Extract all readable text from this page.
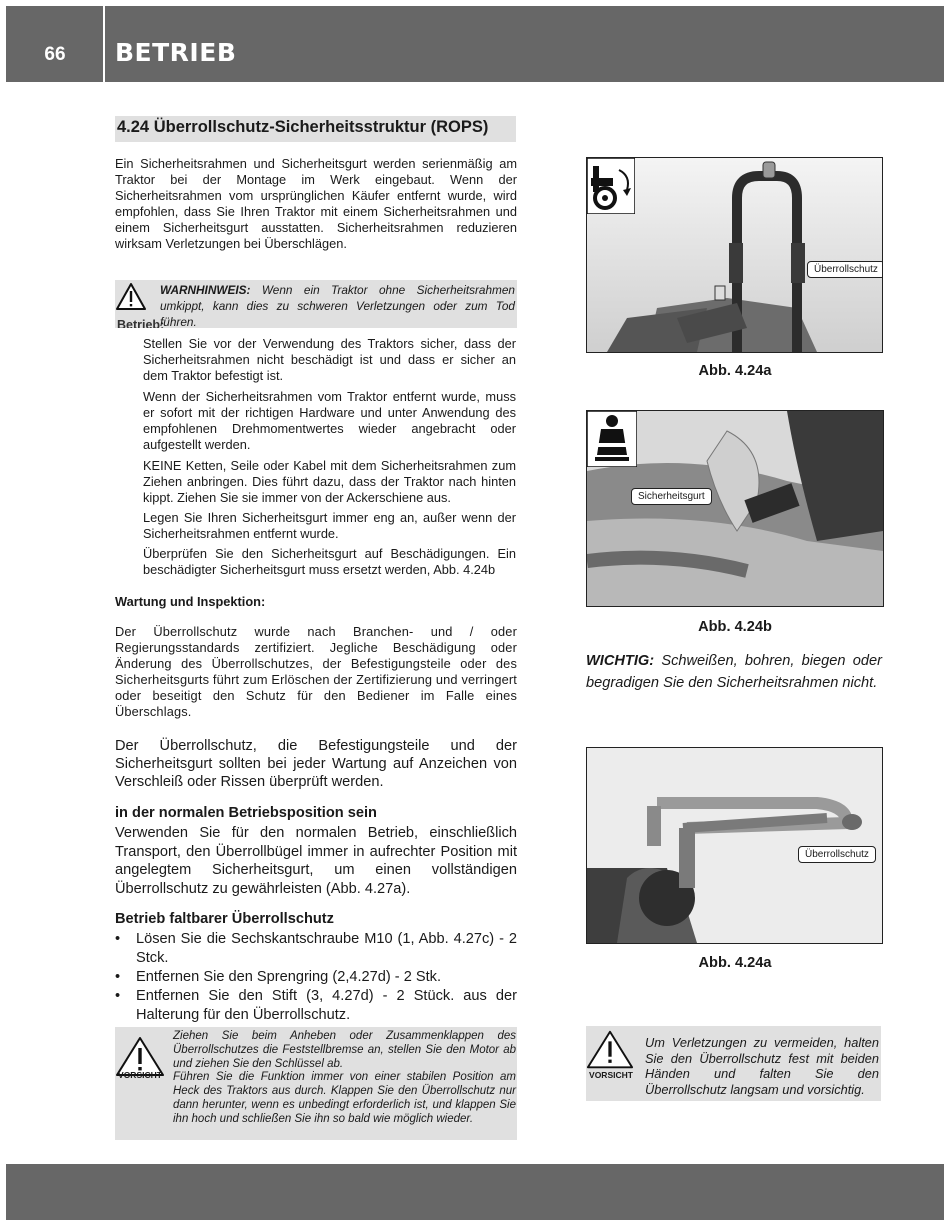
66	BETRIEB
4.24 Überrollschutz-Sicherheitsstruktur (ROPS)
Ein Sicherheitsrahmen und Sicherheitsgurt werden serienmäßig am Traktor bei der Montage im Werk eingebaut. Wenn der Sicherheitsrahmen vom ursprünglichen Käufer entfernt wurde, wird empfohlen, dass Sie Ihren Traktor mit einem Sicherheitsrahmen und einem Sicherheitsgurt ausstatten. Sicherheitsrahmen reduzieren wirksam Verletzungen bei Überschlägen.
Betrieb:
WARNHINWEIS: Wenn ein Traktor ohne Sicherheitsrahmen umkippt, kann dies zu schweren Verletzungen oder zum Tod führen.
Stellen Sie vor der Verwendung des Traktors sicher, dass der Sicherheitsrahmen nicht beschädigt ist und dass er sicher an dem Traktor befestigt ist.
Wenn der Sicherheitsrahmen vom Traktor entfernt wurde, muss er sofort mit der richtigen Hardware und unter Anwendung des empfohlenen Drehmomentwertes wieder angebracht oder aufgestellt werden.
KEINE Ketten, Seile oder Kabel mit dem Sicherheitsrahmen zum Ziehen anbringen. Dies führt dazu, dass der Traktor nach hinten kippt. Ziehen Sie sie immer von der Ackerschiene aus.
Legen Sie Ihren Sicherheitsgurt immer eng an, außer wenn der Sicherheitsrahmen entfernt wurde.
Überprüfen Sie den Sicherheitsgurt auf Beschädigungen. Ein beschädigter Sicherheitsgurt muss ersetzt werden, Abb. 4.24b
Wartung und Inspektion:
Der Überrollschutz wurde nach Branchen- und / oder Regierungsstandards zertifiziert. Jegliche Beschädigung oder Änderung des Überrollschutzes, der Befestigungsteile oder des Sicherheitsgurts führt zum Erlöschen der Zertifizierung und verringert oder beseitigt den Schutz für den Bediener im Falle eines Überschlags.
Der Überrollschutz, die Befestigungsteile und der Sicherheitsgurt sollten bei jeder Wartung auf Anzeichen von Verschleiß oder Rissen überprüft werden.
in der normalen Betriebsposition sein
Verwenden Sie für den normalen Betrieb, einschließlich Transport, den Überrollbügel immer in aufrechter Position mit angelegtem Sicherheitsgurt, um einen vollständigen Überrollschutz zu gewährleisten (Abb. 4.27a).
Betrieb faltbarer Überrollschutz
•	Lösen Sie die Sechskantschraube M10 (1, Abb. 4.27c) - 2 Stck.
•	Entfernen Sie den Sprengring (2,4.27d) - 2 Stk.
•	Entfernen Sie den Stift (3, 4.27d) - 2 Stück. aus der Halterung für den Überrollschutz.
VORSICHT
Ziehen Sie beim Anheben oder Zusammenklappen des Überrollschutzes die Feststellbremse an, stellen Sie den Motor ab und ziehen Sie den Schlüssel ab.
Führen Sie die Funktion immer von einer stabilen Position am Heck des Traktors aus durch. Klappen Sie den Überrollschutz nur dann herunter, wenn es unbedingt erforderlich ist, und klappen Sie ihn hoch und schließen Sie ihn so bald wie möglich wieder.
Überrollschutz
Abb. 4.24a
Sicherheitsgurt
Abb. 4.24b
WICHTIG: Schweißen, bohren, biegen oder begradigen Sie den Sicherheitsrahmen nicht.
Überrollschutz
Abb. 4.24a
VORSICHT
Um Verletzungen zu vermeiden, halten Sie den Überrollschutz fest mit beiden Händen und falten Sie den Überrollschutz langsam und vorsichtig.
